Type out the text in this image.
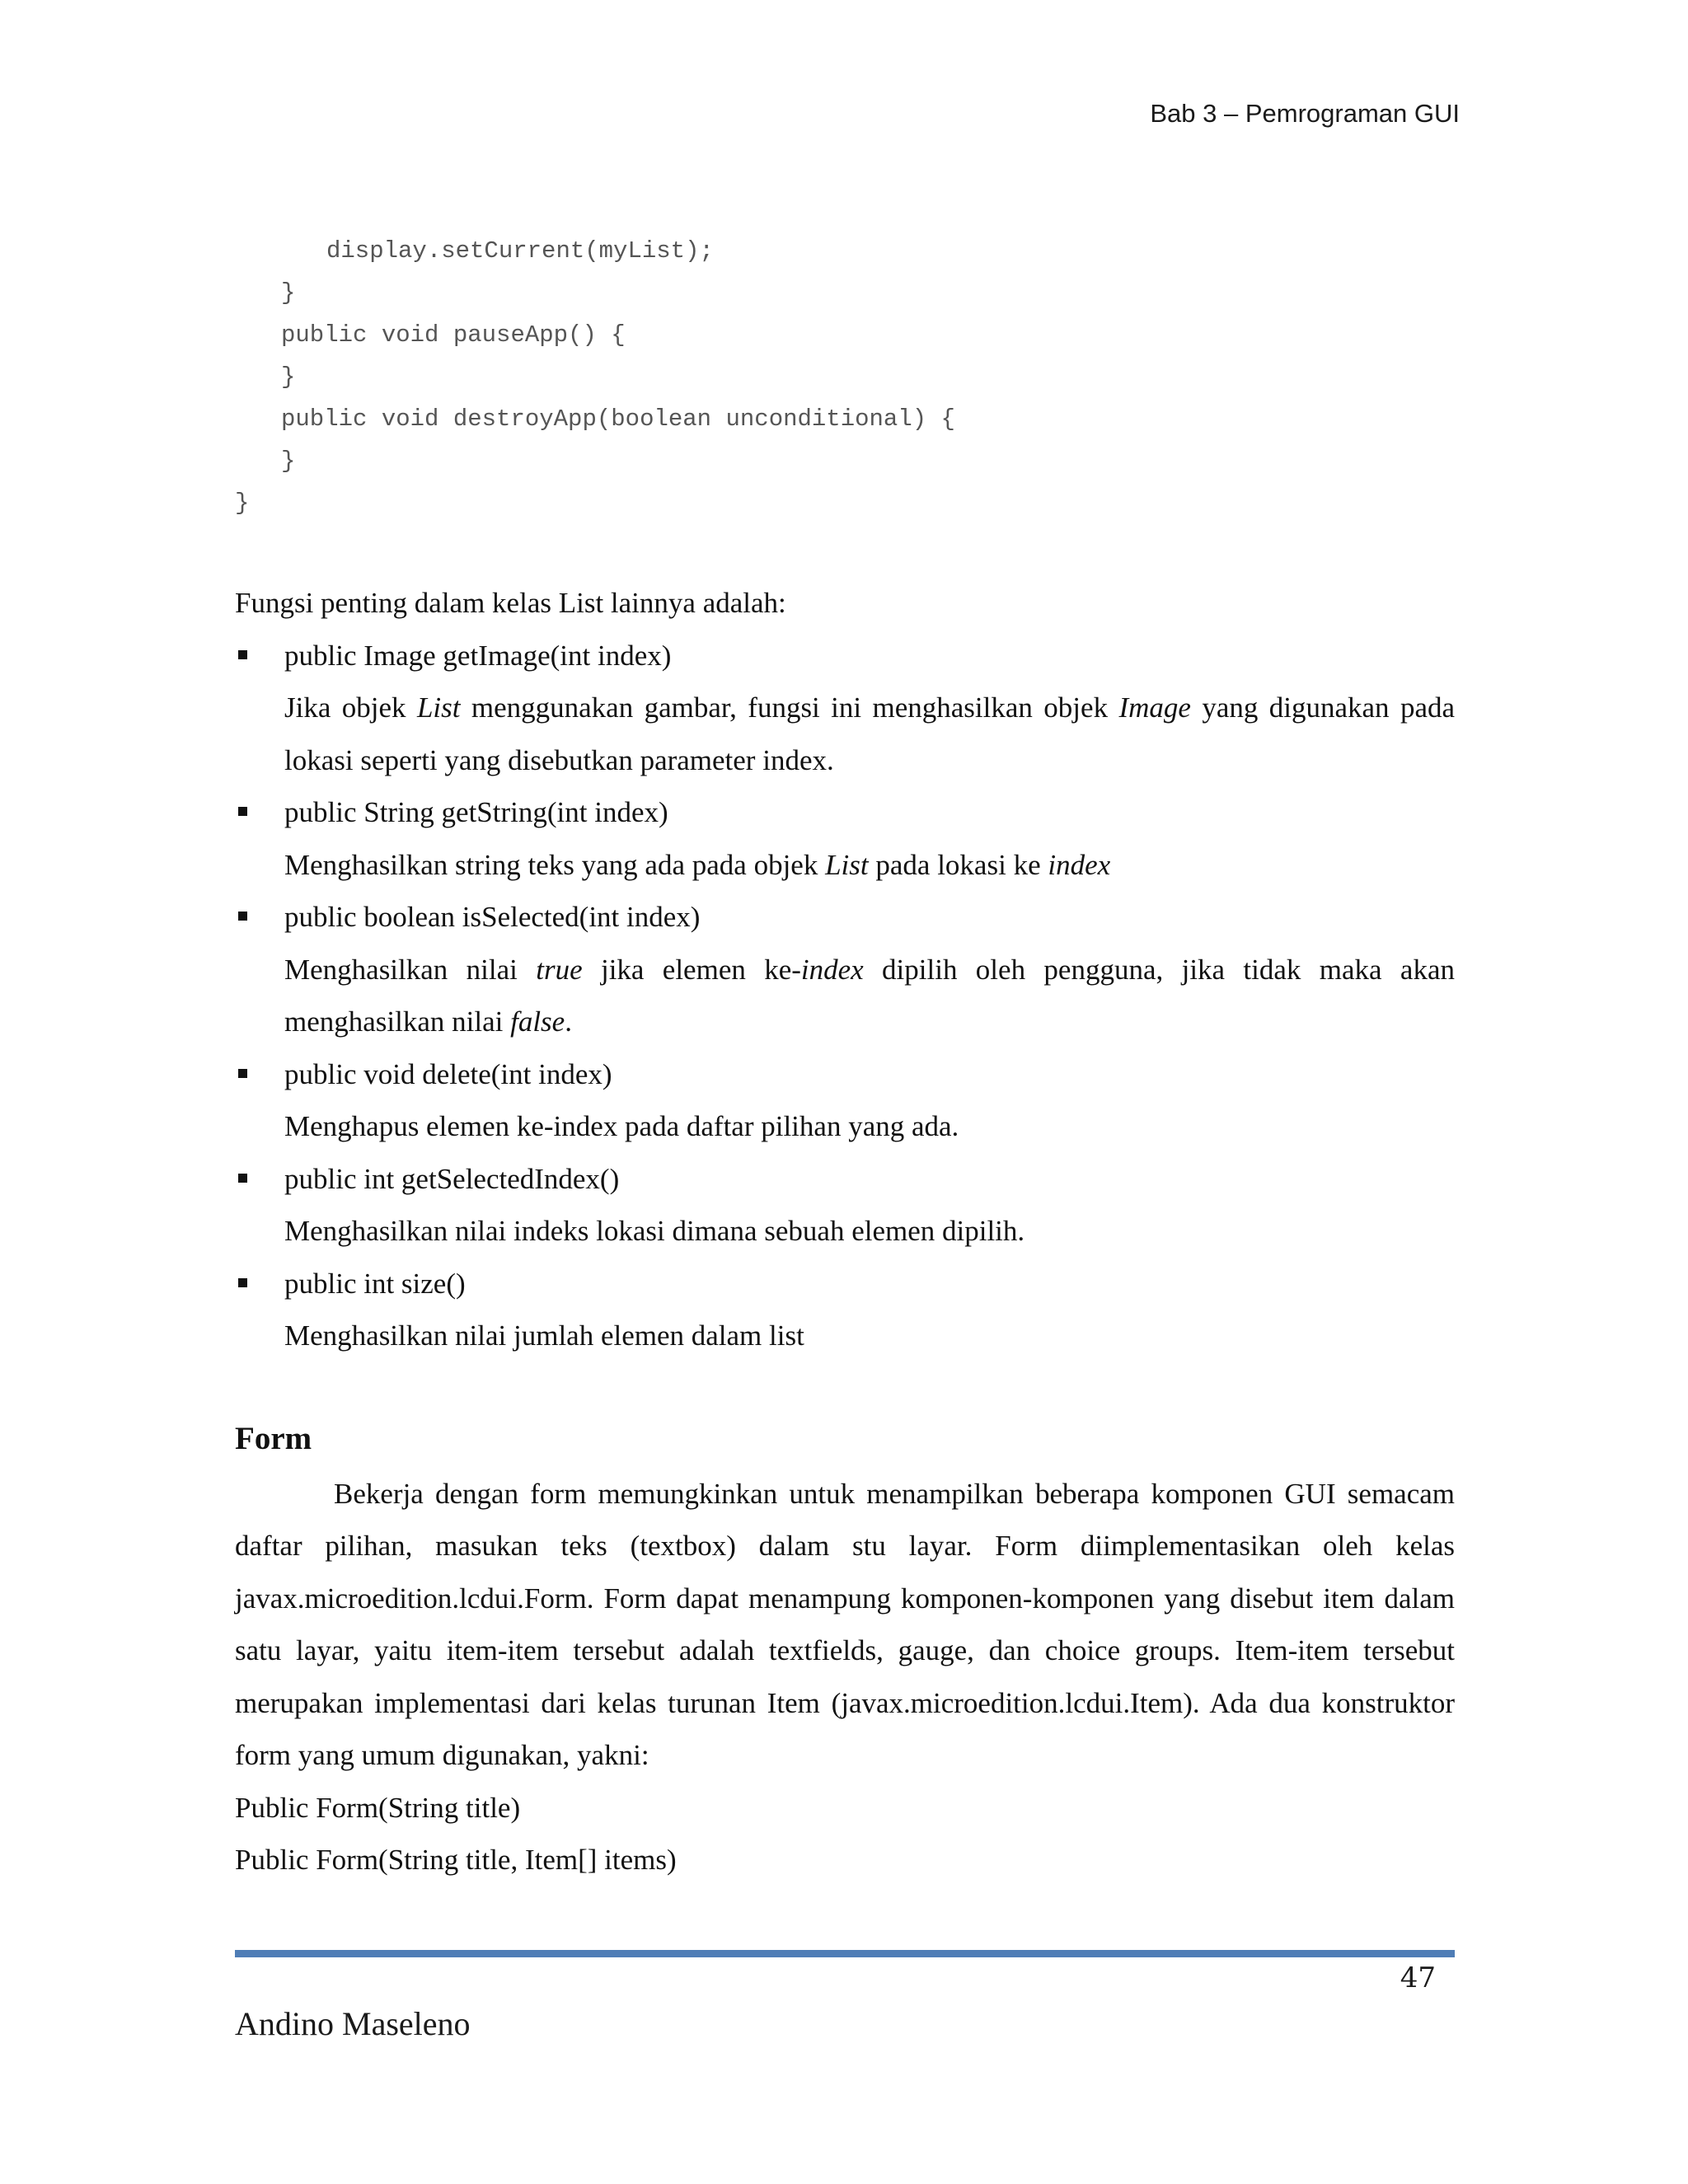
Bab 3 – Pemrograman GUI
display.setCurrent(myList);
}
public void pauseApp() {
}
public void destroyApp(boolean unconditional) {
}
}

Fungsi penting dalam kelas List lainnya adalah:

public Image getImage(int index)

Jika objek List menggunakan gambar, fungsi ini menghasilkan objek Image yang digunakan pada lokasi seperti yang disebutkan parameter index.

public String getString(int index)

Menghasilkan string teks yang ada pada objek List pada lokasi ke index

public boolean isSelected(int index)

Menghasilkan nilai true jika elemen ke-index dipilih oleh pengguna, jika tidak maka akan menghasilkan nilai false.

public void delete(int index)

Menghapus elemen ke-index pada daftar pilihan yang ada.

public int getSelectedIndex()

Menghasilkan nilai indeks lokasi dimana sebuah elemen dipilih.

public int size()

Menghasilkan nilai jumlah elemen dalam list

Form

Bekerja dengan form memungkinkan untuk menampilkan beberapa komponen GUI semacam daftar pilihan, masukan teks (textbox) dalam stu layar. Form diimplementasikan oleh kelas javax.microedition.lcdui.Form. Form dapat menampung komponen-komponen yang disebut item dalam satu layar, yaitu item-item tersebut adalah textfields, gauge, dan choice groups. Item-item tersebut merupakan implementasi dari kelas turunan Item (javax.microedition.lcdui.Item). Ada dua konstruktor form yang umum digunakan, yakni:

Public Form(String title)

Public Form(String title, Item[] items)

47
Andino Maseleno
